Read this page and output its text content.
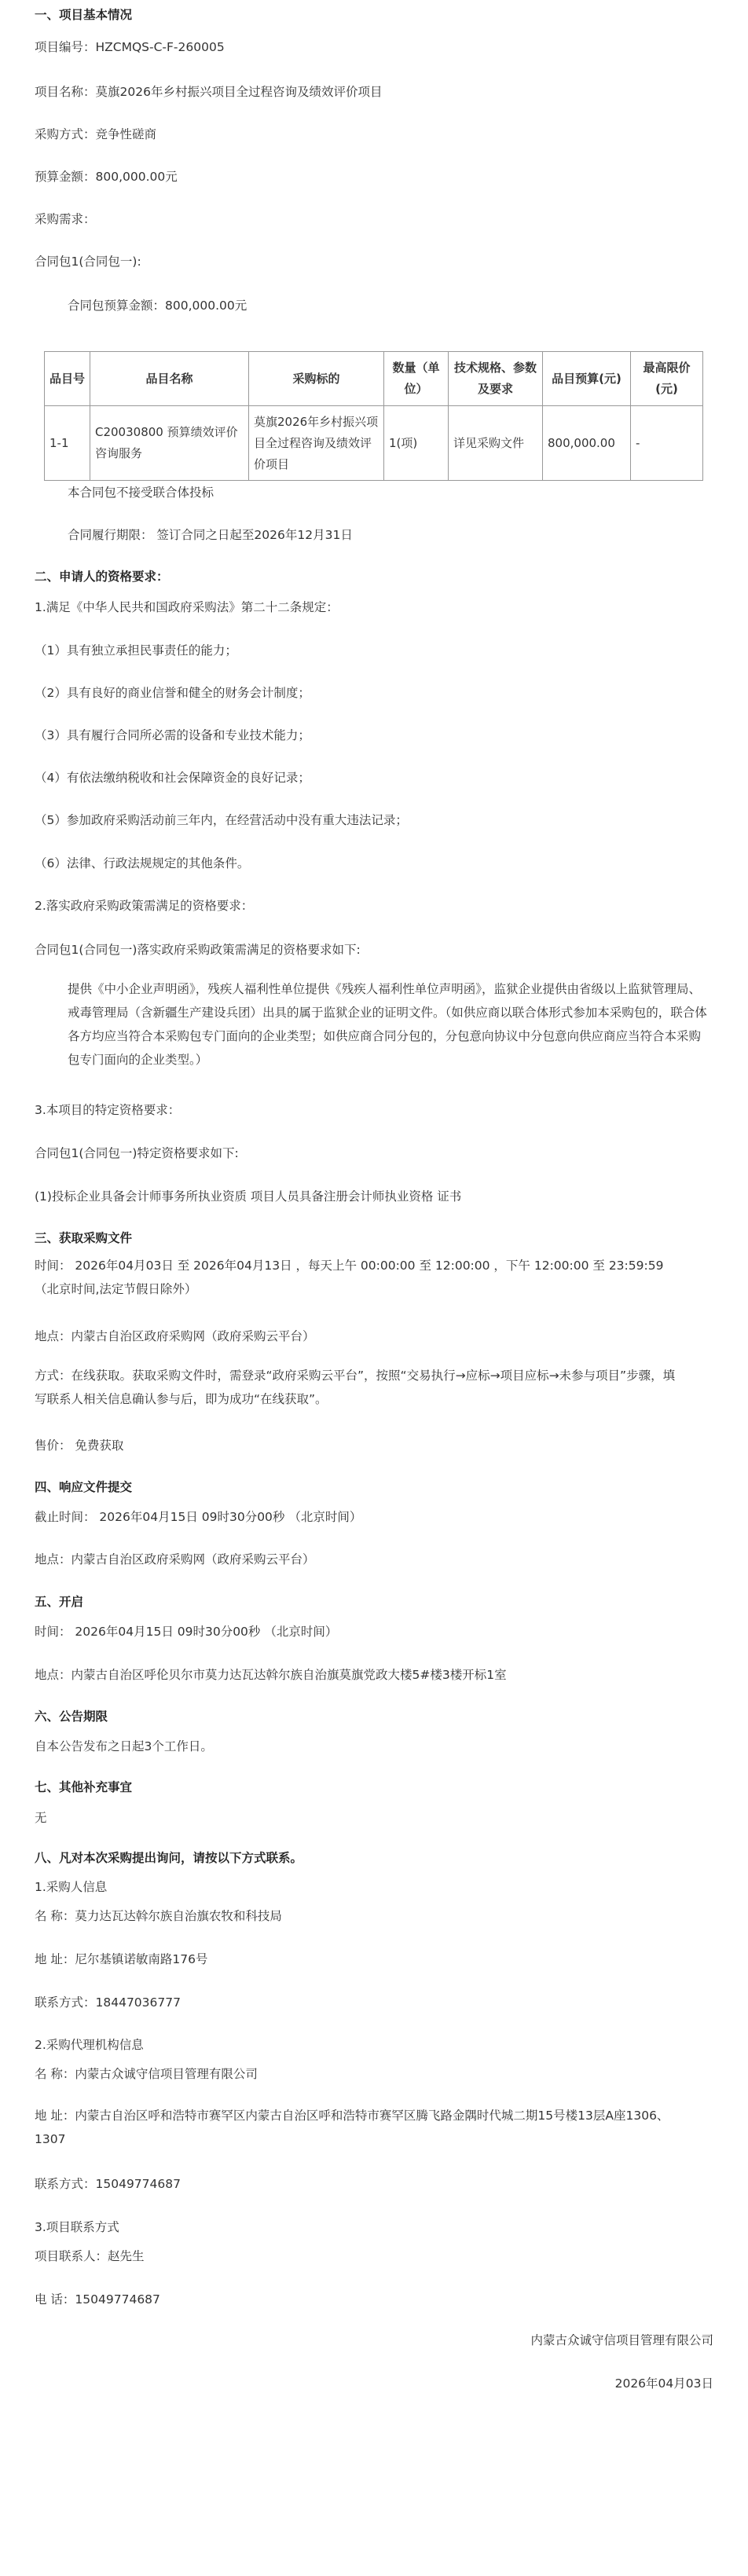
一、项目基本情况
项目编号：HZCMQS-C-F-260005
项目名称：莫旗2026年乡村振兴项目全过程咨询及绩效评价项目
采购方式：竞争性磋商
预算金额：800,000.00元
采购需求：
合同包1(合同包一):
合同包预算金额：800,000.00元
品目号	品目名称	采购标的	数量（单位）	技术规格、参数及要求	品目预算(元)	最高限价(元)
1-1	C20030800 预算绩效评价咨询服务	莫旗2026年乡村振兴项目全过程咨询及绩效评价项目	1(项)	详见采购文件	800,000.00	-
本合同包不接受联合体投标
合同履行期限： 签订合同之日起至2026年12月31日
二、申请人的资格要求：
1.满足《中华人民共和国政府采购法》第二十二条规定：
（1）具有独立承担民事责任的能力；
（2）具有良好的商业信誉和健全的财务会计制度；
（3）具有履行合同所必需的设备和专业技术能力；
（4）有依法缴纳税收和社会保障资金的良好记录；
（5）参加政府采购活动前三年内，在经营活动中没有重大违法记录；
（6）法律、行政法规规定的其他条件。
2.落实政府采购政策需满足的资格要求：
合同包1(合同包一)落实政府采购政策需满足的资格要求如下:
提供《中小企业声明函》，残疾人福利性单位提供《残疾人福利性单位声明函》，监狱企业提供由省级以上监狱管理局、戒毒管理局（含新疆生产建设兵团）出具的属于监狱企业的证明文件。（如供应商以联合体形式参加本采购包的，联合体各方均应当符合本采购包专门面向的企业类型；如供应商合同分包的，分包意向协议中分包意向供应商应当符合本采购包专门面向的企业类型。）
3.本项目的特定资格要求：
合同包1(合同包一)特定资格要求如下:
(1)投标企业具备会计师事务所执业资质 项目人员具备注册会计师执业资格 证书
三、获取采购文件
时间： 2026年04月03日 至 2026年04月13日 ，每天上午 00:00:00 至 12:00:00 ，下午 12:00:00 至 23:59:59（北京时间,法定节假日除外）
地点：内蒙古自治区政府采购网（政府采购云平台）
方式：在线获取。获取采购文件时，需登录“政府采购云平台”，按照“交易执行→应标→项目应标→未参与项目”步骤，填写联系人相关信息确认参与后，即为成功“在线获取”。
售价： 免费获取
四、响应文件提交
截止时间： 2026年04月15日 09时30分00秒 （北京时间）
地点：内蒙古自治区政府采购网（政府采购云平台）
五、开启
时间： 2026年04月15日 09时30分00秒 （北京时间）
地点：内蒙古自治区呼伦贝尔市莫力达瓦达斡尔族自治旗莫旗党政大楼5#楼3楼开标1室
六、公告期限
自本公告发布之日起3个工作日。
七、其他补充事宜
无
八、凡对本次采购提出询问，请按以下方式联系。
1.采购人信息
名 称：莫力达瓦达斡尔族自治旗农牧和科技局
地 址：尼尔基镇诺敏南路176号
联系方式：18447036777
2.采购代理机构信息
名 称：内蒙古众诚守信项目管理有限公司
地 址：内蒙古自治区呼和浩特市赛罕区内蒙古自治区呼和浩特市赛罕区腾飞路金隅时代城二期15号楼13层A座1306、1307
联系方式：15049774687
3.项目联系方式
项目联系人：赵先生
电 话：15049774687
内蒙古众诚守信项目管理有限公司
2026年04月03日
